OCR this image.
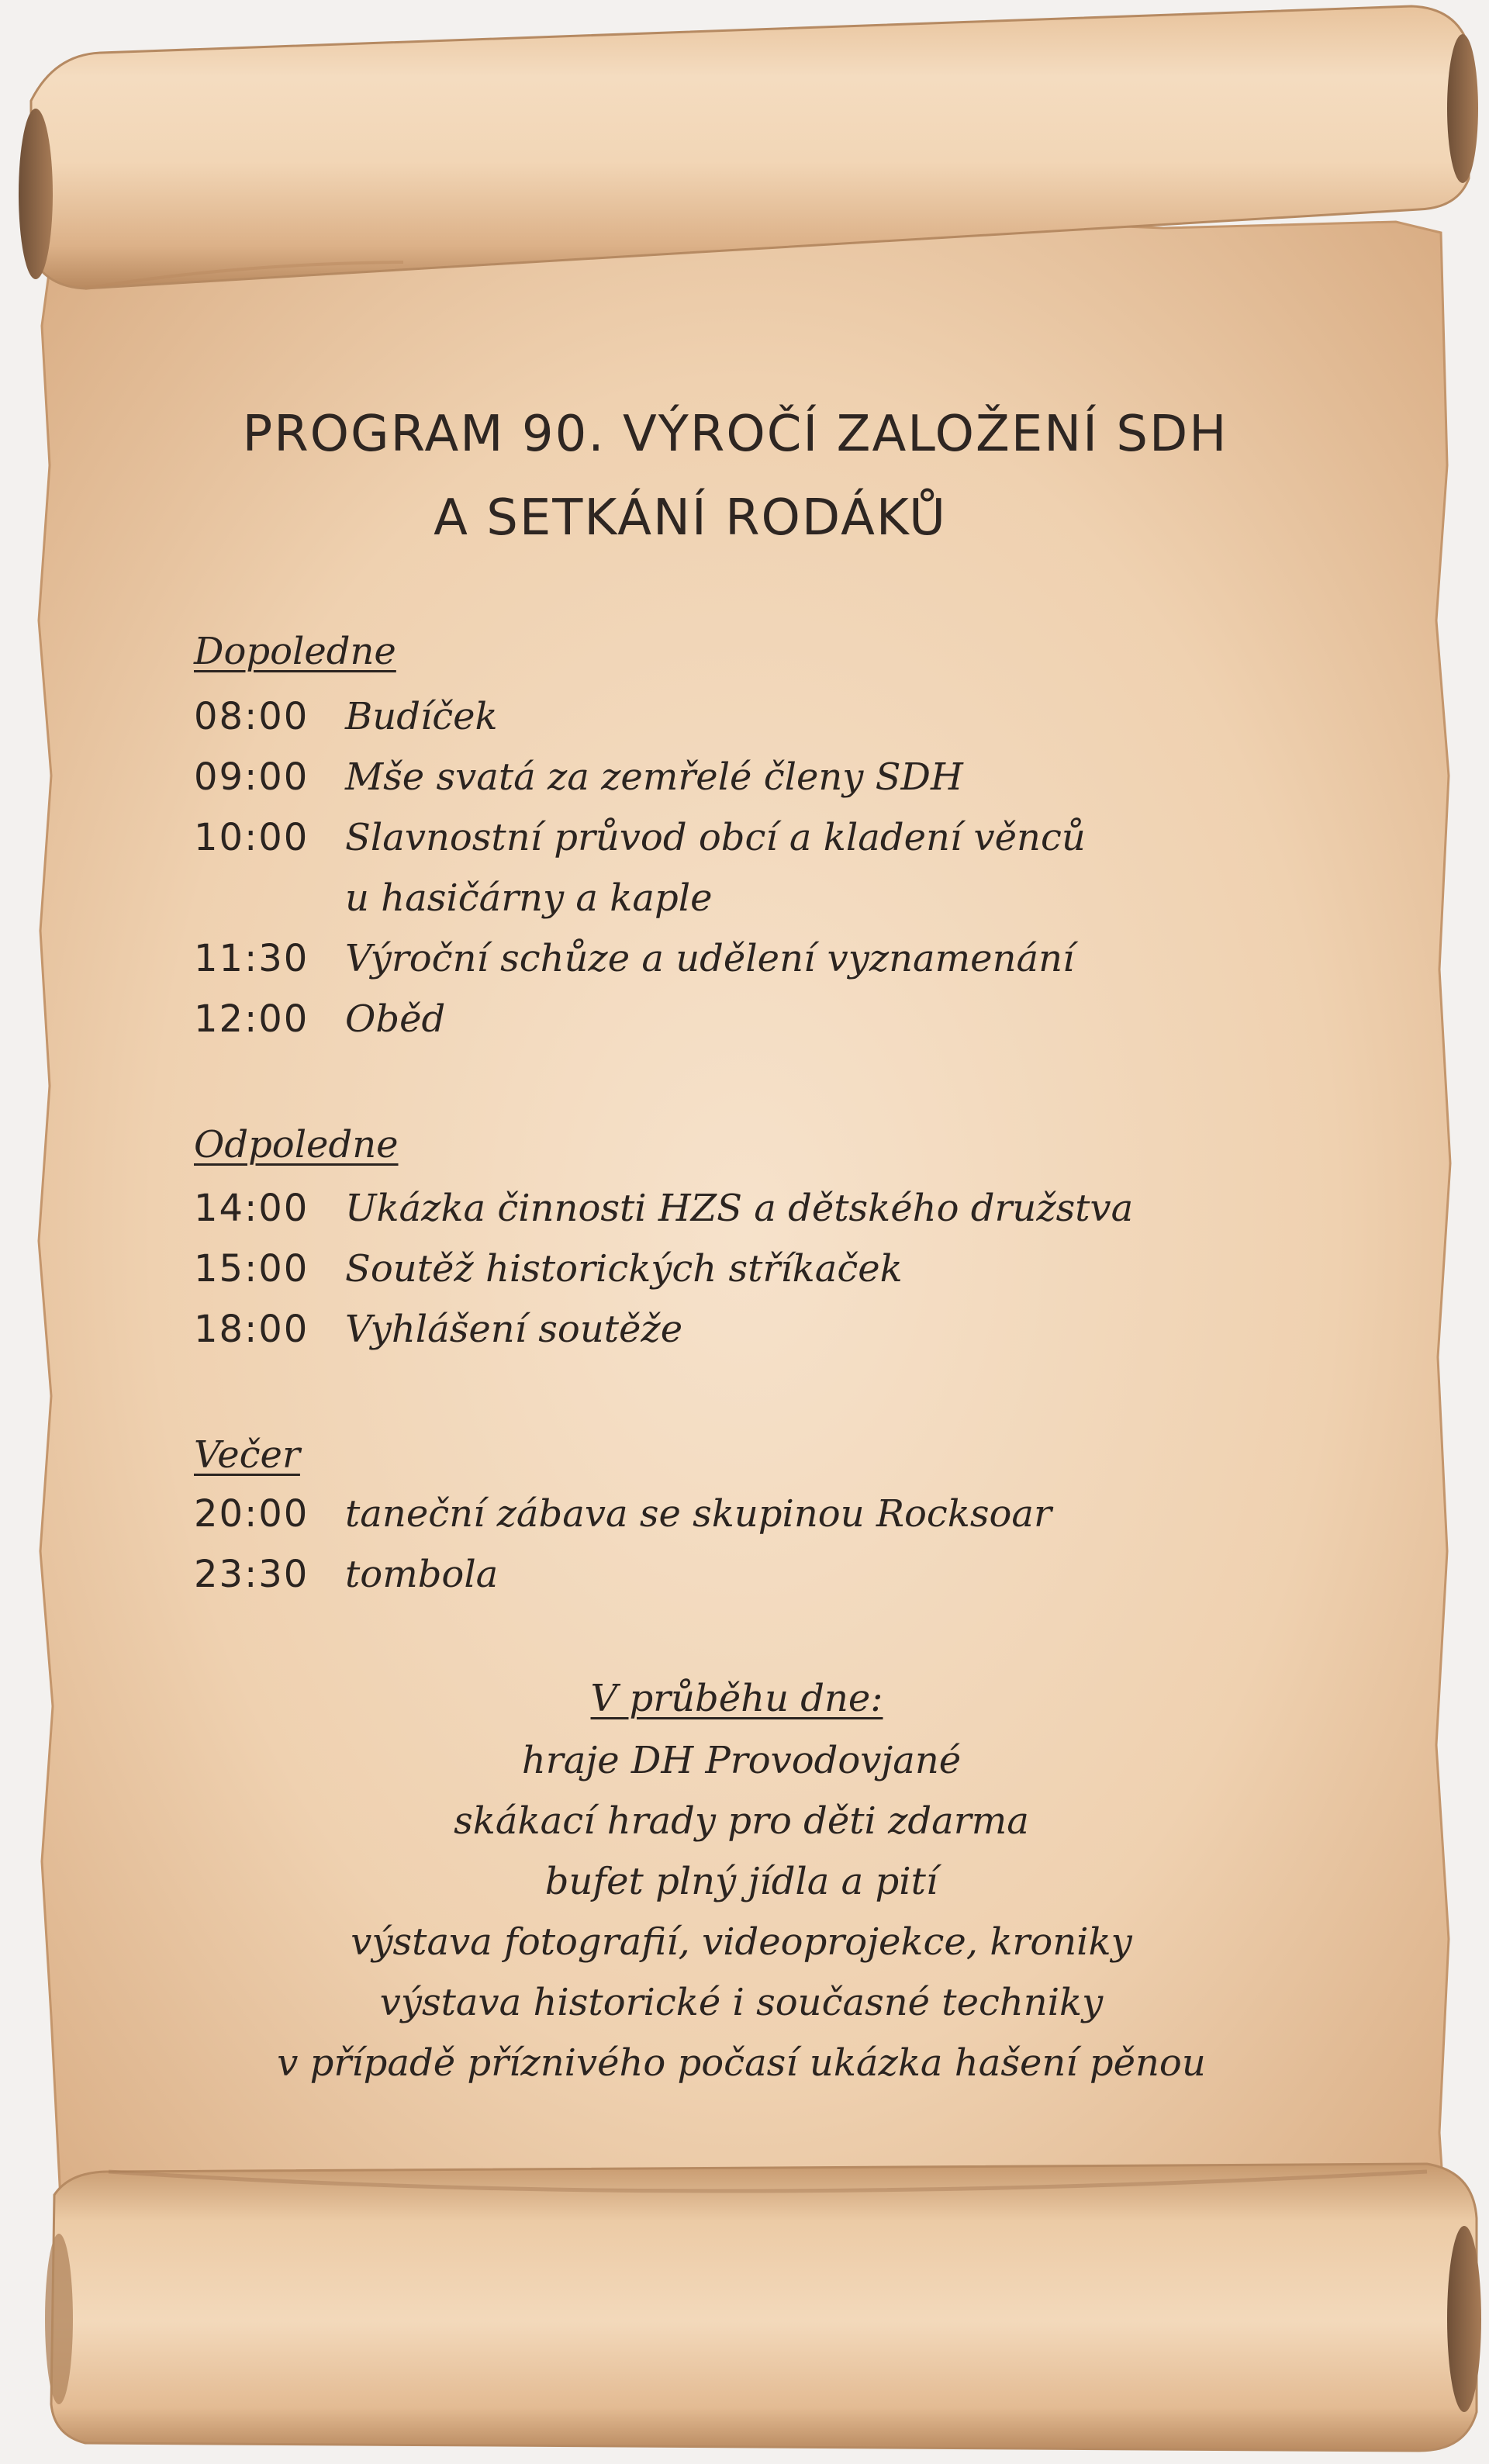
PROGRAM 90. VÝROČÍ ZALOŽENÍ SDH
A SETKÁNÍ RODÁKŮ
Dopoledne
08:00 Budíček
09:00 Mše svatá za zemřelé členy SDH
10:00 Slavnostní průvod obcí a kladení věnců
u hasičárny a kaple
11:30 Výroční schůze a udělení vyznamenání
12:00 Oběd
Odpoledne
14:00 Ukázka činnosti HZS a dětského družstva
15:00 Soutěž historických stříkaček
18:00 Vyhlášení soutěže
Večer
20:00 taneční zábava se skupinou Rocksoar
23:30 tombola
V průběhu dne:
hraje DH Provodovjané
skákací hrady pro děti zdarma
bufet plný jídla a pití
výstava fotografií, videoprojekce, kroniky
výstava historické i současné techniky
v případě příznivého počasí ukázka hašení pěnou
